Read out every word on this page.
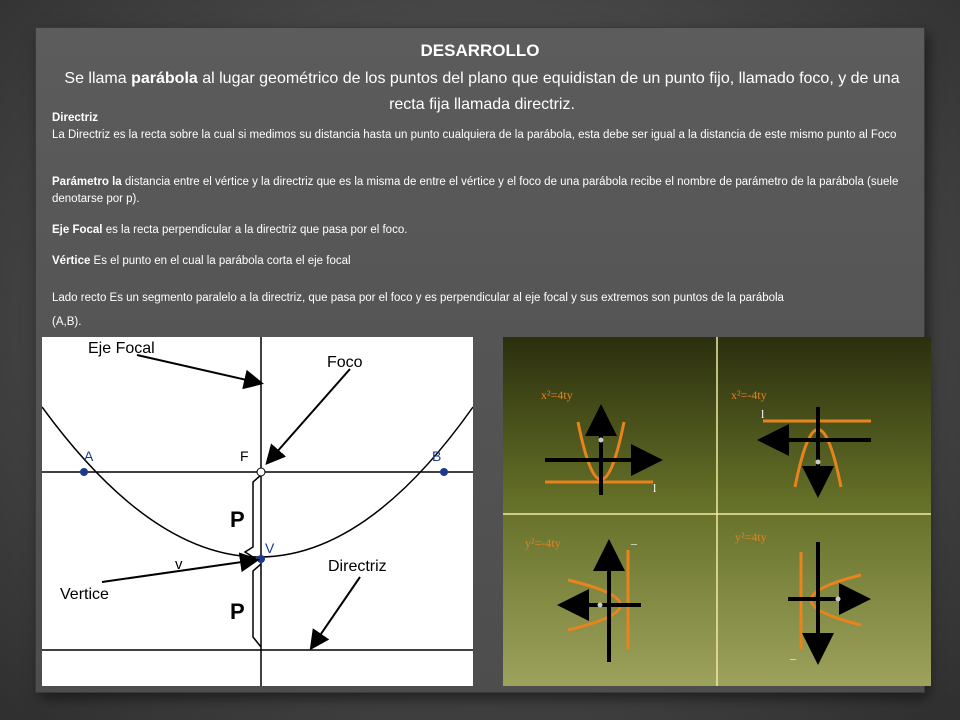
DESARROLLO
Se llama parábola al lugar geométrico de los puntos del plano que equidistan de un punto fijo, llamado foco, y de una recta fija llamada directriz.
Directriz
La Directriz es la recta sobre la cual si medimos su distancia hasta un punto cualquiera de la parábola, esta debe ser igual a la distancia de este mismo punto al Foco
Parámetro la distancia entre el vértice y la directriz que es la misma de entre el vértice y el foco de una parábola recibe el nombre de parámetro de la parábola (suele denotarse por p).
Eje Focal es la recta perpendicular a la directriz que pasa por el foco.
Vértice Es el punto en el cual la parábola corta el eje focal
Lado recto Es un segmento paralelo a la directriz, que pasa por el foco y es perpendicular al eje focal y sus extremos son puntos de la parábola
(A,B).
Eje Focal
Foco
A	B
F
P
P
V
v
Vertice
Directriz
x²=4ty	x²=-4ty
y²=-4ty	y²=4ty
l
l
–
–
